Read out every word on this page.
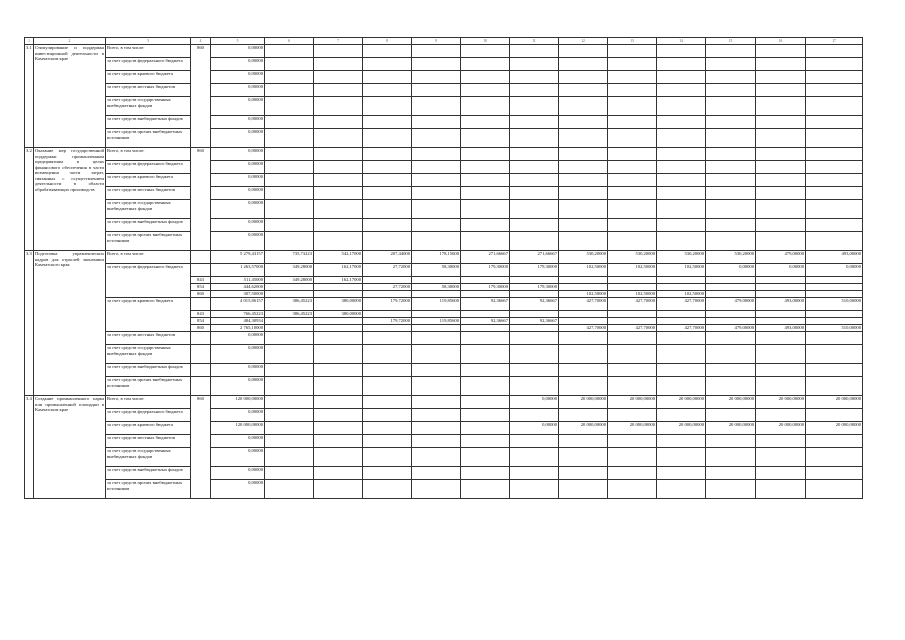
1	2	3	4	5	6	7	8	9	10	11	12	13	14	15	16	17
3.1	Стимулирование и поддержка инвестиционной деятельности в Камчатском крае	Всего, в том числе:	860	0,00000												
		за счет средств федерального бюджета		0,00000												
		за счет средств краевого бюджета		0,00000												
		за счет средств местных бюджетов		0,00000												
		за счет средств государственных внебюджетных фондов		0,00000												
		за счет средств внебюджетных фондов		0,00000												
		за счет средств прочих внебюджетных источников		0,00000												
3.2	Оказание мер государственной поддержки промышленным предприятиям в целях финансового обеспечения в части возмещения части затрат, связанных с осуществлением деятельности в области обрабатывающих производств	Всего, в том числе:	860	0,00000												
		за счет средств федерального бюджета		0,00000												
		за счет средств краевого бюджета		0,00000												
		за счет средств местных бюджетов		0,00000												
		за счет средств государственных внебюджетных фондов		0,00000												
		за счет средств внебюджетных фондов		0,00000												
		за счет средств прочих внебюджетных источников		0,00000												
3.3	Подготовка управленческих кадров для отраслей экономики Камчатского края	Всего, в том числе:		5 279,43157	735,73223	542,17000	207,44000	178,15600	271,66667	271,66667	530,20000	530,20000	530,20000	530,20000	479,00000	493,00000
		за счет средств федерального бюджета		1 263,57000	349,28000	162,17000	27,72000	58,30000	179,30000	179,30000	102,50000	102,50000	102,50000	0,00000	0,00000	0,00000
			843	511,45000	349,28000	162,17000										
			854	444,62000			27,72000	58,30000	179,30000	179,30000						
			860	307,50000							102,50000	102,50000	102,50000			
		за счет средств краевого бюджета		4 015,86157	386,45223	380,00000	179,72000	119,85600	92,36667	92,36667	427,70000	427,70000	427,70000	479,00000	493,00000	510,00000
			843	766,45223	386,45223	380,00000										
			854	484,30934			179,72000	119,85600	92,36667	92,36667						
			860	2 765,10000							427,70000	427,70000	427,70000	479,00000	493,00000	510,00000
		за счет средств местных бюджетов		0,00000												
		за счет средств государственных внебюджетных фондов		0,00000												
		за счет средств внебюджетных фондов		0,00000												
		за счет средств прочих внебюджетных источников		0,00000												
3.4	Создание промышленного парка или промышленной площадки в Камчатском крае	Всего, в том числе:	860	120 000,00000						0,00000	20 000,00000	20 000,00000	20 000,00000	20 000,00000	20 000,00000	20 000,00000
		за счет средств федерального бюджета		0,00000												
		за счет средств краевого бюджета		120 000,00000						0,00000	20 000,00000	20 000,00000	20 000,00000	20 000,00000	20 000,00000	20 000,00000
		за счет средств местных бюджетов		0,00000												
		за счет средств государственных внебюджетных фондов		0,00000												
		за счет средств внебюджетных фондов		0,00000												
		за счет средств прочих внебюджетных источников		0,00000												
